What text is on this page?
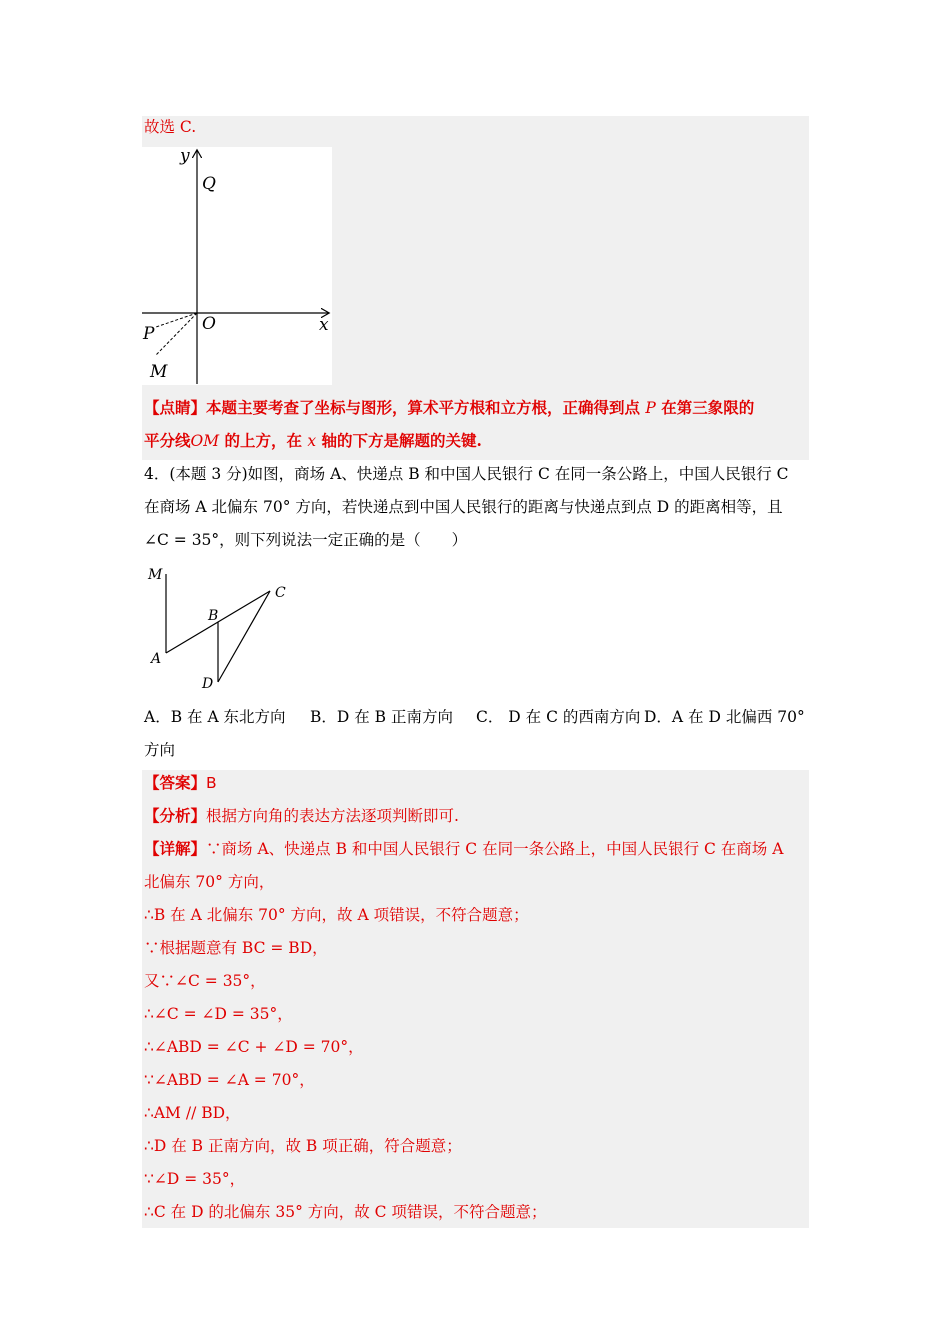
故选 C.
y
Q
O	x
P
M
【点睛】本题主要考查了坐标与图形，算术平方根和立方根，正确得到点 P 在第三象限的
平分线OM 的上方，在 x 轴的下方是解题的关键.
4．(本题 3 分)如图，商场 A、快递点 B 和中国人民银行 C 在同一条公路上，中国人民银行 C
在商场 A 北偏东 70° 方向，若快递点到中国人民银行的距离与快递点到点 D 的距离相等，且
∠C = 35°，则下列说法一定正确的是（　　）
M
A
B
C
D
A．B 在 A 东北方向 B．D 在 B 正南方向 C． D 在 C 的西南方向 D．A 在 D 北偏西 70°
方向
【答案】B
【分析】根据方向角的表达方法逐项判断即可.
【详解】∵商场 A、快递点 B 和中国人民银行 C 在同一条公路上，中国人民银行 C 在商场 A
北偏东 70° 方向，
∴B 在 A 北偏东 70° 方向，故 A 项错误，不符合题意；
∵根据题意有 BC = BD，
又∵∠C = 35°，
∴∠C = ∠D = 35°，
∴∠ABD = ∠C + ∠D = 70°，
∵∠ABD = ∠A = 70°，
∴AM // BD，
∴D 在 B 正南方向，故 B 项正确，符合题意；
∵∠D = 35°，
∴C 在 D 的北偏东 35° 方向，故 C 项错误，不符合题意；
